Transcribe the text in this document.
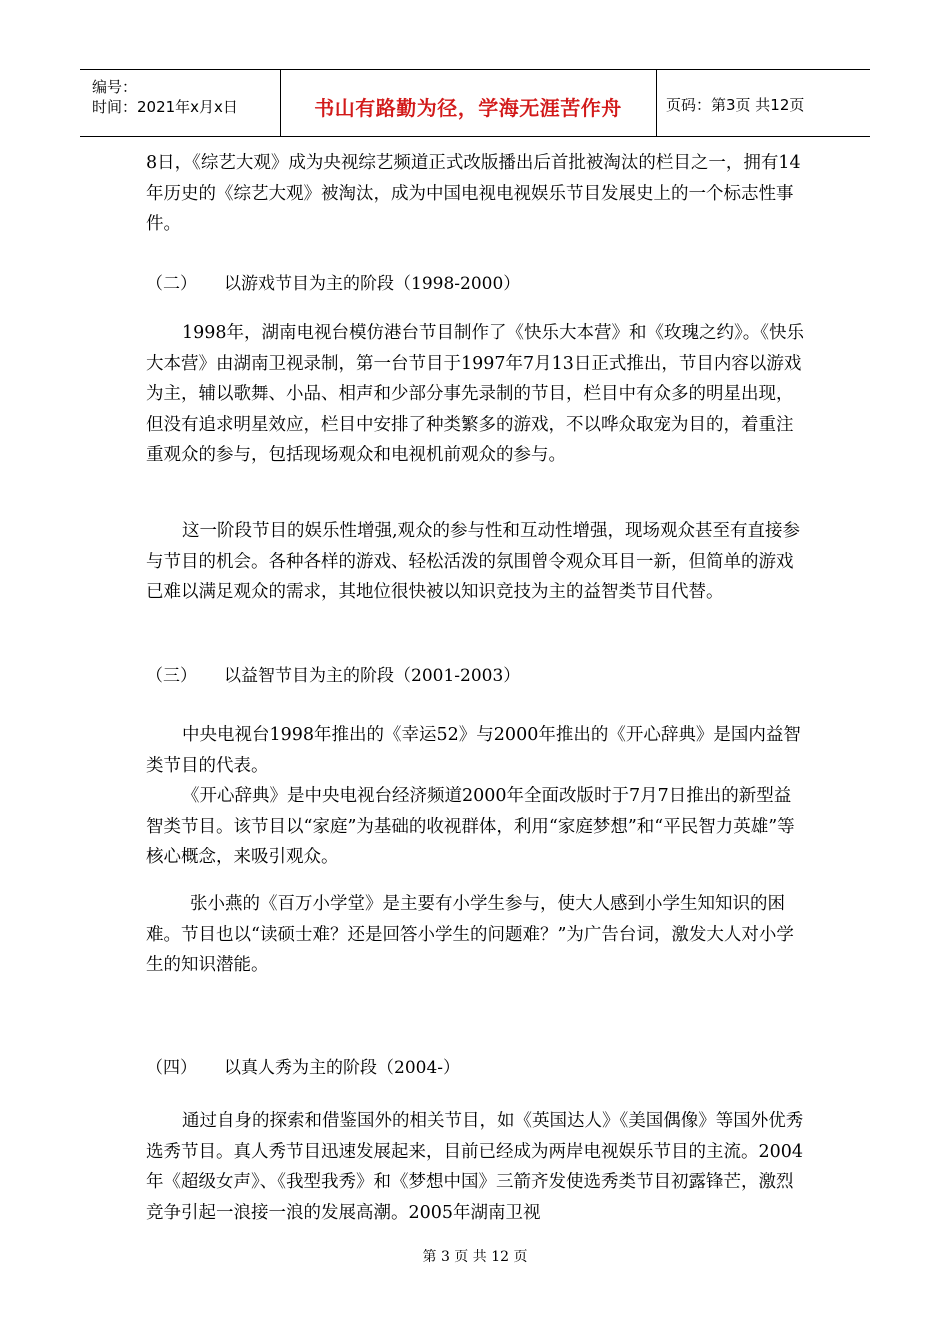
编号：
时间：2021年x月x日	书山有路勤为径，学海无涯苦作舟	页码：第3页 共12页

8日，《综艺大观》成为央视综艺频道正式改版播出后首批被淘汰的栏目之一，拥有14年历史的《综艺大观》被淘汰，成为中国电视电视娱乐节目发展史上的一个标志性事件。

（二） 以游戏节目为主的阶段（1998-2000）

1998年，湖南电视台模仿港台节目制作了《快乐大本营》和《玫瑰之约》。《快乐大本营》由湖南卫视录制，第一台节目于1997年7月13日正式推出，节目内容以游戏为主，辅以歌舞、小品、相声和少部分事先录制的节目，栏目中有众多的明星出现，但没有追求明星效应，栏目中安排了种类繁多的游戏，不以哗众取宠为目的，着重注重观众的参与，包括现场观众和电视机前观众的参与。

这一阶段节目的娱乐性增强,观众的参与性和互动性增强，现场观众甚至有直接参与节目的机会。各种各样的游戏、轻松活泼的氛围曾令观众耳目一新，但简单的游戏已难以满足观众的需求，其地位很快被以知识竞技为主的益智类节目代替。

（三） 以益智节目为主的阶段（2001-2003）

中央电视台1998年推出的《幸运52》与2000年推出的《开心辞典》是国内益智类节目的代表。

《开心辞典》是中央电视台经济频道2000年全面改版时于7月7日推出的新型益智类节目。该节目以“家庭”为基础的收视群体，利用“家庭梦想”和“平民智力英雄”等核心概念，来吸引观众。

张小燕的《百万小学堂》是主要有小学生参与，使大人感到小学生知知识的困难。节目也以“读硕士难？还是回答小学生的问题难？”为广告台词，激发大人对小学生的知识潜能。

（四） 以真人秀为主的阶段（2004-）

通过自身的探索和借鉴国外的相关节目，如《英国达人》《美国偶像》等国外优秀选秀节目。真人秀节目迅速发展起来，目前已经成为两岸电视娱乐节目的主流。2004年《超级女声》、《我型我秀》和《梦想中国》三箭齐发使选秀类节目初露锋芒，激烈竞争引起一浪接一浪的发展高潮。2005年湖南卫视

第 3 页 共 12 页
